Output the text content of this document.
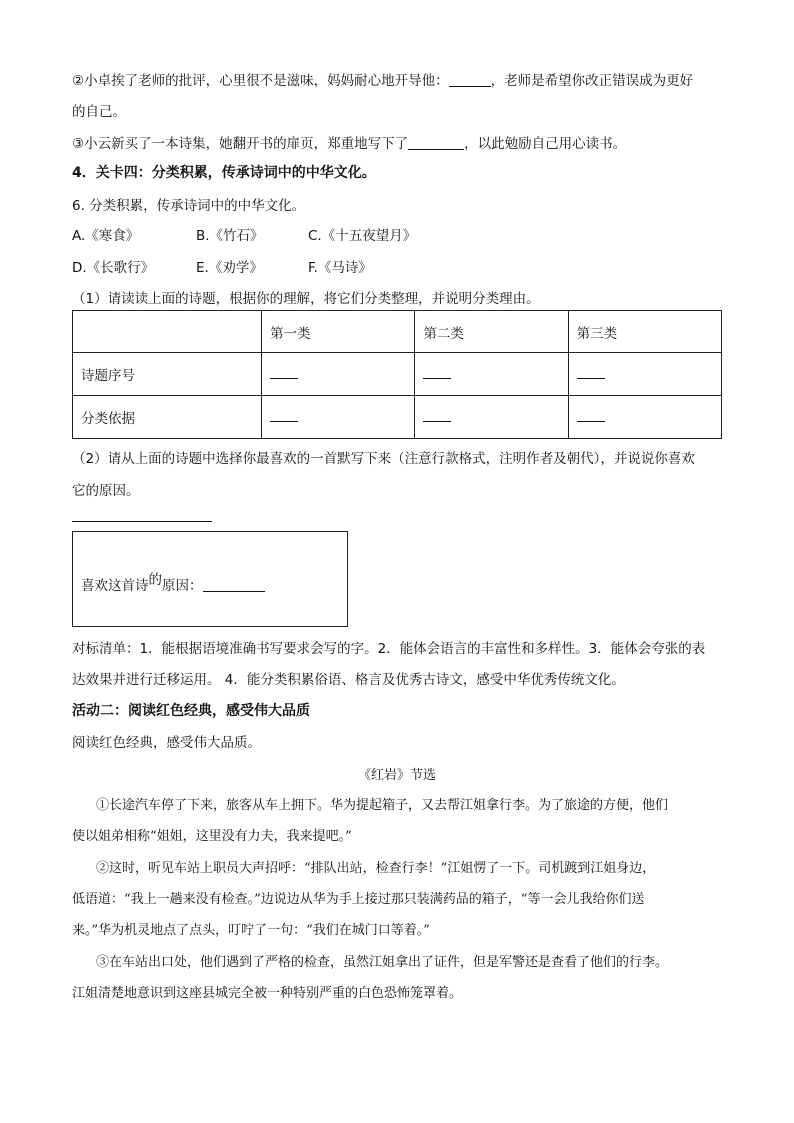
②小卓挨了老师的批评，心里很不是滋味，妈妈耐心地开导他：	，老师是希望你改正错误成为更好
的自己。
③小云新买了一本诗集，她翻开书的扉页，郑重地写下了	，以此勉励自己用心读书。
4．关卡四：分类积累，传承诗词中的中华文化。
6. 分类积累，传承诗词中的中华文化。
A.《寒食》	B.《竹石》	C.《十五夜望月》
D.《长歌行》	E.《劝学》	F.《马诗》
（1）请读读上面的诗题，根据你的理解，将它们分类整理，并说明分类理由。
	第一类	第二类	第三类
诗题序号			
分类依据			
（2）请从上面的诗题中选择你最喜欢的一首默写下来（注意行款格式，注明作者及朝代），并说说你喜欢
它的原因。
喜欢这首诗的原因：
对标清单：1．能根据语境准确书写要求会写的字。2．能体会语言的丰富性和多样性。3．能体会夸张的表
达效果并进行迁移运用。 4．能分类积累俗语、格言及优秀古诗文，感受中华优秀传统文化。
活动二：阅读红色经典，感受伟大品质
阅读红色经典，感受伟大品质。
《红岩》节选
①长途汽车停了下来，旅客从车上拥下。华为提起箱子，又去帮江姐拿行李。为了旅途的方便，他们
使以姐弟相称“姐姐，这里没有力夫，我来提吧。”
②这时，听见车站上职员大声招呼：“排队出站，检查行李！”江姐愣了一下。司机踱到江姐身边，
低语道：“我上一趟来没有检查。”边说边从华为手上接过那只装满药品的箱子，“等一会儿我给你们送
来。”华为机灵地点了点头，叮咛了一句：“我们在城门口等着。”
③在车站出口处，他们遇到了严格的检查，虽然江姐拿出了证件，但是军警还是查看了他们的行李。
江姐清楚地意识到这座县城完全被一种特别严重的白色恐怖笼罩着。
